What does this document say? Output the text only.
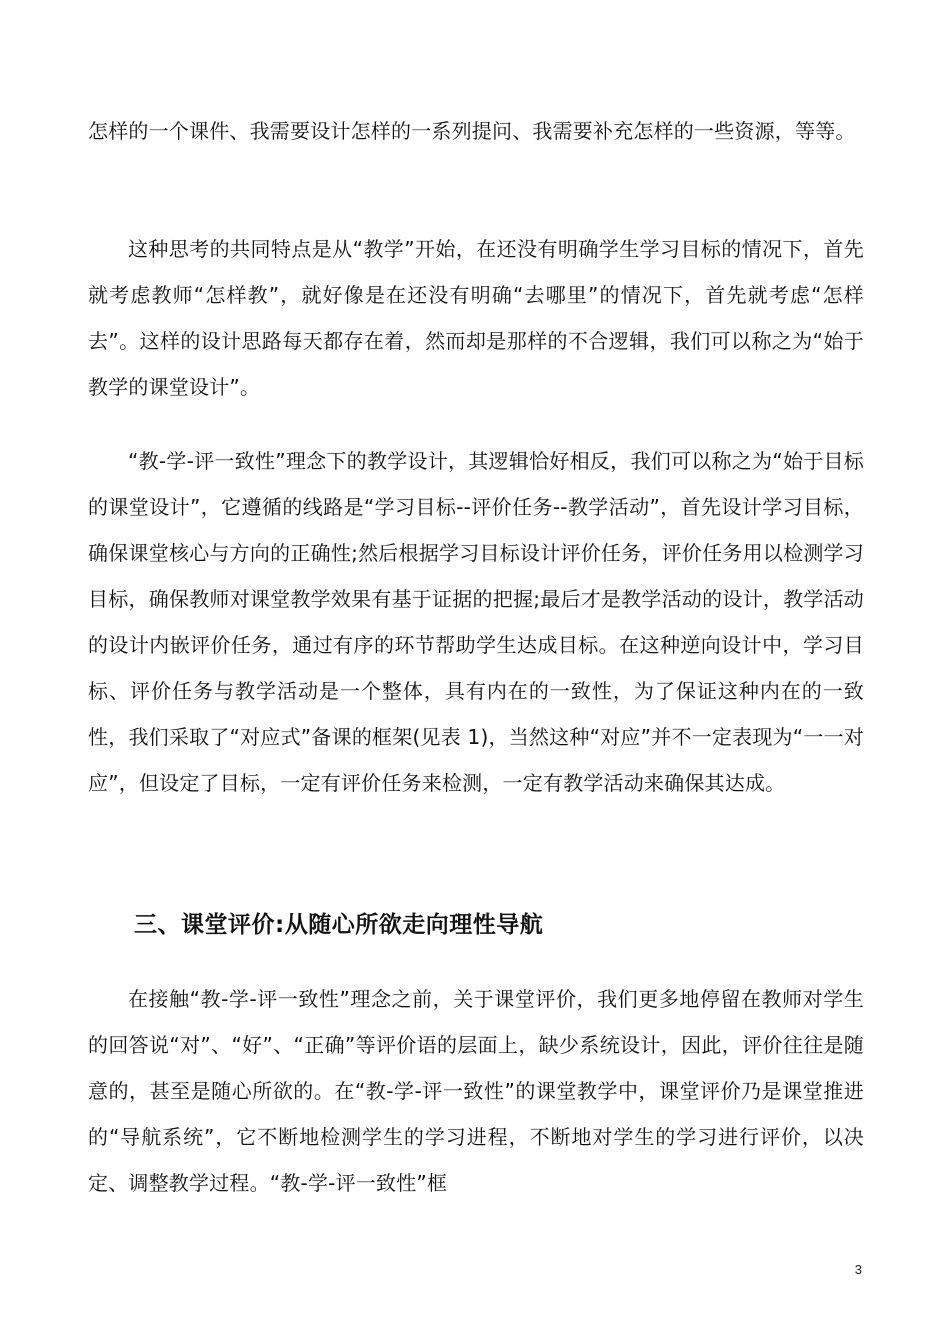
怎样的一个课件、我需要设计怎样的一系列提问、我需要补充怎样的一些资源，等等。

这种思考的共同特点是从“教学”开始，在还没有明确学生学习目标的情况下，首先就考虑教师“怎样教”，就好像是在还没有明确“去哪里”的情况下，首先就考虑“怎样去”。这样的设计思路每天都存在着，然而却是那样的不合逻辑，我们可以称之为“始于教学的课堂设计”。

“教-学-评一致性”理念下的教学设计，其逻辑恰好相反，我们可以称之为“始于目标的课堂设计”，它遵循的线路是“学习目标--评价任务--教学活动”，首先设计学习目标，确保课堂核心与方向的正确性;然后根据学习目标设计评价任务，评价任务用以检测学习目标，确保教师对课堂教学效果有基于证据的把握;最后才是教学活动的设计，教学活动的设计内嵌评价任务，通过有序的环节帮助学生达成目标。在这种逆向设计中，学习目标、评价任务与教学活动是一个整体，具有内在的一致性，为了保证这种内在的一致性，我们采取了“对应式”备课的框架(见表 1)，当然这种“对应”并不一定表现为“一一对应”，但设定了目标，一定有评价任务来检测，一定有教学活动来确保其达成。

三、课堂评价:从随心所欲走向理性导航

在接触“教-学-评一致性”理念之前，关于课堂评价，我们更多地停留在教师对学生的回答说“对”、“好”、“正确”等评价语的层面上，缺少系统设计，因此，评价往往是随意的，甚至是随心所欲的。在“教-学-评一致性”的课堂教学中，课堂评价乃是课堂推进的“导航系统”，它不断地检测学生的学习进程，不断地对学生的学习进行评价，以决定、调整教学过程。“教-学-评一致性”框

3
